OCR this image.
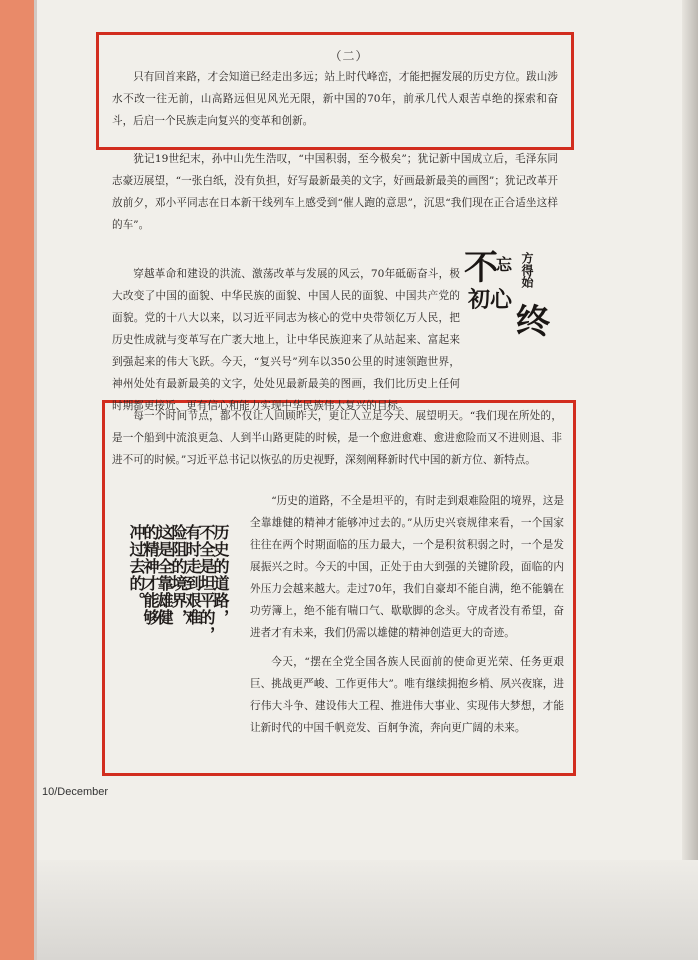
（二）

只有回首来路，才会知道已经走出多远；站上时代峰峦，才能把握发展的历史方位。跋山涉水不改一往无前，山高路远但见风光无限，新中国的70年，前承几代人艰苦卓绝的探索和奋斗，后启一个民族走向复兴的变革和创新。

犹记19世纪末，孙中山先生浩叹，“中国积弱，至今极矣”；犹记新中国成立后，毛泽东同志豪迈展望，“一张白纸，没有负担，好写最新最美的文字，好画最新最美的画图”；犹记改革开放前夕，邓小平同志在日本新干线列车上感受到“催人跑的意思”，沉思“我们现在正合适坐这样的车”。

穿越革命和建设的洪流、激荡改革与发展的风云，70年砥砺奋斗，极大改变了中国的面貌、中华民族的面貌、中国人民的面貌、中国共产党的面貌。党的十八大以来，以习近平同志为核心的党中央带领亿万人民，把历史性成就与变革写在广袤大地上，让中华民族迎来了从站起来、富起来到强起来的伟大飞跃。今天，“复兴号”列车以350公里的时速领跑世界，神州处处有最新最美的文字，处处见最新最美的图画，我们比历史上任何时期都更接近、更有信心和能力实现中华民族伟大复兴的目标。

不
忘
初心
方得始
终

每一个时间节点，都不仅让人回顾昨天，更让人立足今天、展望明天。“我们现在所处的，是一个船到中流浪更急、人到半山路更陡的时候，是一个愈进愈难、愈进愈险而又不进则退、非进不可的时候。”习近平总书记以恢弘的历史视野，深刻阐释新时代中国的新方位、新特点。

历史的道路，
不全是坦平的，
有时走到艰难
险阻的境界，
这是全靠雄健
的精神才能够
冲过去的。

“历史的道路，不全是坦平的，有时走到艰难险阻的境界，这是全靠雄健的精神才能够冲过去的。”从历史兴衰规律来看，一个国家往往在两个时期面临的压力最大，一个是积贫积弱之时，一个是发展振兴之时。今天的中国，正处于由大到强的关键阶段，面临的内外压力会越来越大。走过70年，我们自豪却不能自满，绝不能躺在功劳簿上，绝不能有喘口气、歇歇脚的念头。守成者没有希望，奋进者才有未来，我们仍需以雄健的精神创造更大的奇迹。

今天，“摆在全党全国各族人民面前的使命更光荣、任务更艰巨、挑战更严峻、工作更伟大”。唯有继续拥抱乡梢、夙兴夜寐，进行伟大斗争、建设伟大工程、推进伟大事业、实现伟大梦想，才能让新时代的中国千帆竞发、百舸争流，奔向更广阔的未来。

10/December
